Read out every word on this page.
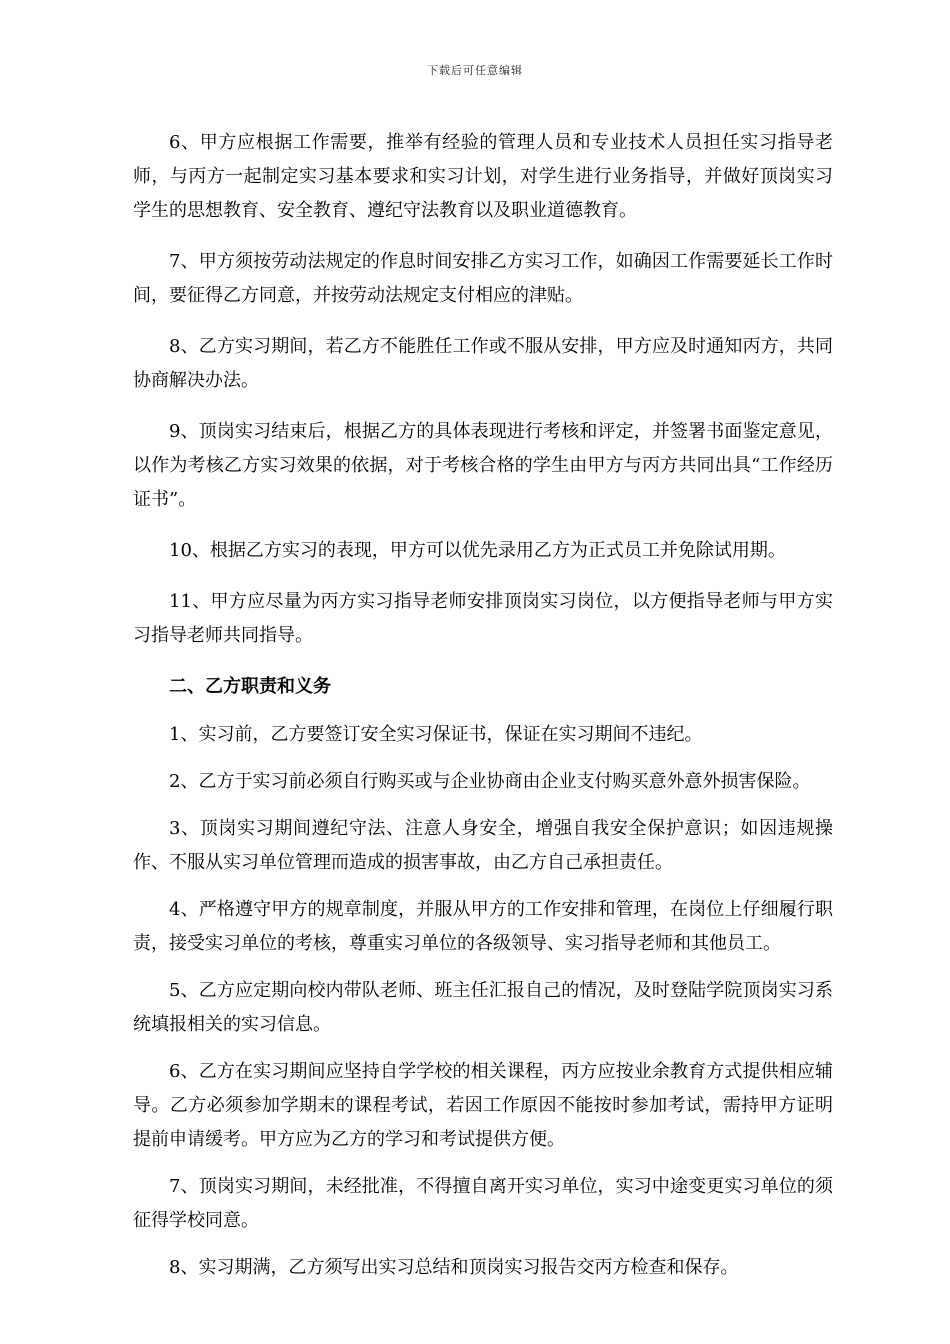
下载后可任意编辑

6、甲方应根据工作需要，推举有经验的管理人员和专业技术人员担任实习指导老师，与丙方一起制定实习基本要求和实习计划，对学生进行业务指导，并做好顶岗实习学生的思想教育、安全教育、遵纪守法教育以及职业道德教育。

7、甲方须按劳动法规定的作息时间安排乙方实习工作，如确因工作需要延长工作时间，要征得乙方同意，并按劳动法规定支付相应的津贴。

8、乙方实习期间，若乙方不能胜任工作或不服从安排，甲方应及时通知丙方，共同协商解决办法。

9、顶岗实习结束后，根据乙方的具体表现进行考核和评定，并签署书面鉴定意见，以作为考核乙方实习效果的依据，对于考核合格的学生由甲方与丙方共同出具“工作经历证书”。

10、根据乙方实习的表现，甲方可以优先录用乙方为正式员工并免除试用期。

11、甲方应尽量为丙方实习指导老师安排顶岗实习岗位，以方便指导老师与甲方实习指导老师共同指导。

二、乙方职责和义务

1、实习前，乙方要签订安全实习保证书，保证在实习期间不违纪。

2、乙方于实习前必须自行购买或与企业协商由企业支付购买意外意外损害保险。

3、顶岗实习期间遵纪守法、注意人身安全，增强自我安全保护意识；如因违规操作、不服从实习单位管理而造成的损害事故，由乙方自己承担责任。

4、严格遵守甲方的规章制度，并服从甲方的工作安排和管理，在岗位上仔细履行职责，接受实习单位的考核，尊重实习单位的各级领导、实习指导老师和其他员工。

5、乙方应定期向校内带队老师、班主任汇报自己的情况，及时登陆学院顶岗实习系统填报相关的实习信息。

6、乙方在实习期间应坚持自学学校的相关课程，丙方应按业余教育方式提供相应辅导。乙方必须参加学期末的课程考试，若因工作原因不能按时参加考试，需持甲方证明提前申请缓考。甲方应为乙方的学习和考试提供方便。

7、顶岗实习期间，未经批准，不得擅自离开实习单位，实习中途变更实习单位的须征得学校同意。

8、实习期满，乙方须写出实习总结和顶岗实习报告交丙方检查和保存。
